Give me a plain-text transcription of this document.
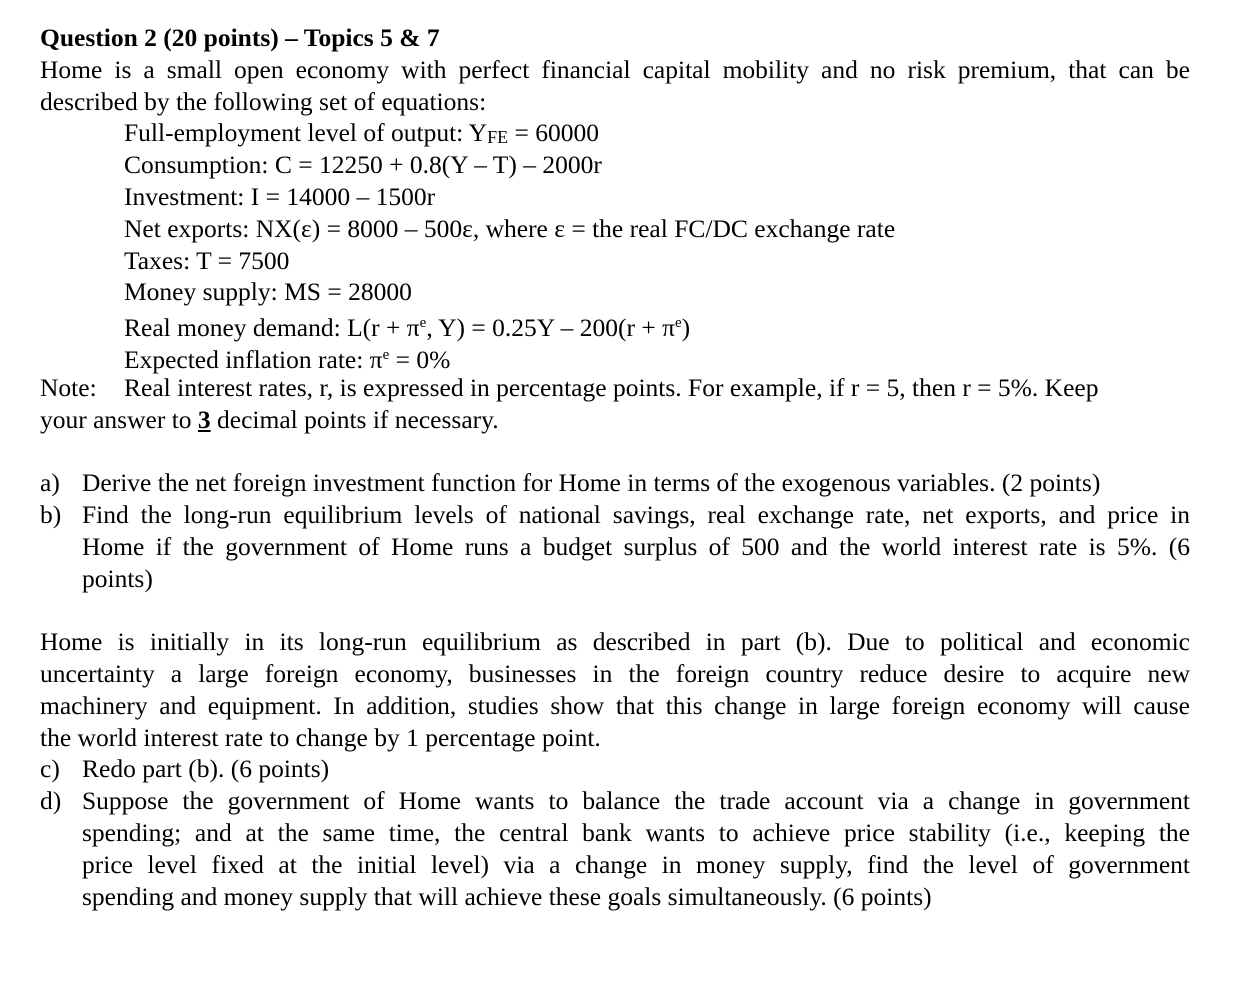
Question 2 (20 points) – Topics 5 & 7
Home is a small open economy with perfect financial capital mobility and no risk premium, that can be
described by the following set of equations:
Full-employment level of output: YFE = 60000
Consumption: C = 12250 + 0.8(Y – T) – 2000r
Investment: I = 14000 – 1500r
Net exports: NX(ε) = 8000 – 500ε, where ε = the real FC/DC exchange rate
Taxes: T = 7500
Money supply: MS = 28000
Real money demand: $L(r + \pi^e$, $Y) = 0.25Y - 200(r + \pi^e)$
Expected inflation rate: $\pi^e = 0\%$
Note: Real interest rates, r, is expressed in percentage points. For example, if r = 5, then r = 5%. Keep
your answer to 3 decimal points if necessary.
a) Derive the net foreign investment function for Home in terms of the exogenous variables. (2 points)
b) Find the long-run equilibrium levels of national savings, real exchange rate, net exports, and price in
Home if the government of Home runs a budget surplus of 500 and the world interest rate is 5%. (6
points)
Home is initially in its long-run equilibrium as described in part (b). Due to political and economic
uncertainty a large foreign economy, businesses in the foreign country reduce desire to acquire new
machinery and equipment. In addition, studies show that this change in large foreign economy will cause
the world interest rate to change by 1 percentage point.
c) Redo part (b). (6 points)
d) Suppose the government of Home wants to balance the trade account via a change in government
spending; and at the same time, the central bank wants to achieve price stability (i.e., keeping the
price level fixed at the initial level) via a change in money supply, find the level of government
spending and money supply that will achieve these goals simultaneously. (6 points)
